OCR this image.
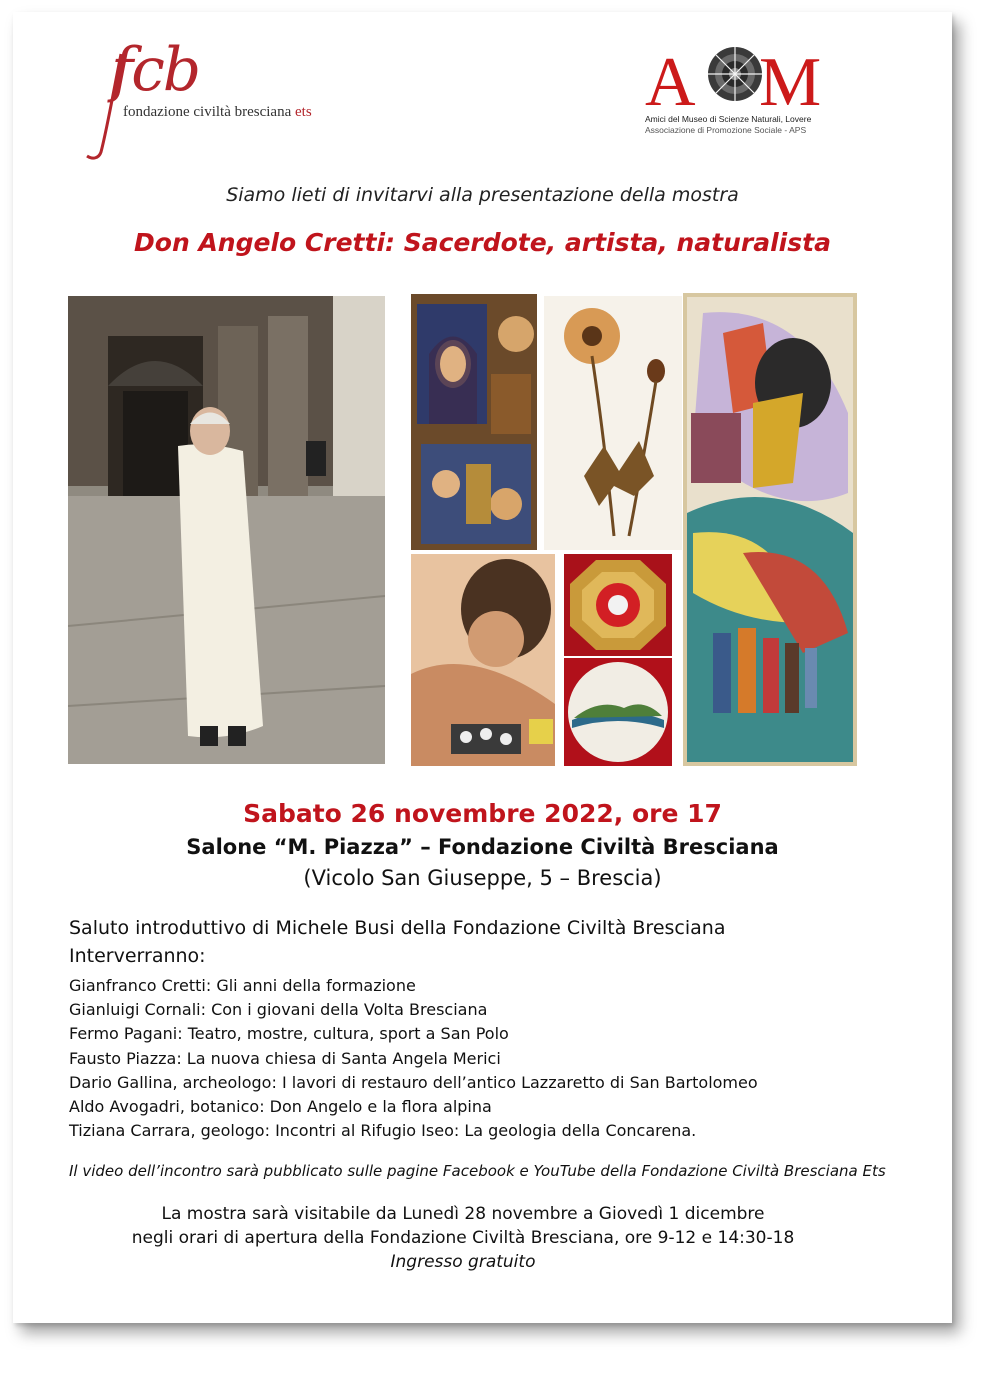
fcb
fondazione civiltà bresciana ets	A M
Amici del Museo di Scienze Naturali, Lovere
Associazione di Promozione Sociale - APS
Siamo lieti di invitarvi alla presentazione della mostra
Don Angelo Cretti: Sacerdote, artista, naturalista
Sabato 26 novembre 2022, ore 17
Salone “M. Piazza” – Fondazione Civiltà Bresciana
(Vicolo San Giuseppe, 5 – Brescia)
Saluto introduttivo di Michele Busi della Fondazione Civiltà Bresciana
Interverranno:
Gianfranco Cretti: Gli anni della formazione
Gianluigi Cornali: Con i giovani della Volta Bresciana
Fermo Pagani: Teatro, mostre, cultura, sport a San Polo
Fausto Piazza: La nuova chiesa di Santa Angela Merici
Dario Gallina, archeologo: I lavori di restauro dell’antico Lazzaretto di San Bartolomeo
Aldo Avogadri, botanico: Don Angelo e la flora alpina
Tiziana Carrara, geologo: Incontri al Rifugio Iseo: La geologia della Concarena.
Il video dell’incontro sarà pubblicato sulle pagine Facebook e YouTube della Fondazione Civiltà Bresciana Ets
La mostra sarà visitabile da Lunedì 28 novembre a Giovedì 1 dicembre
negli orari di apertura della Fondazione Civiltà Bresciana, ore 9-12 e 14:30-18
Ingresso gratuito
